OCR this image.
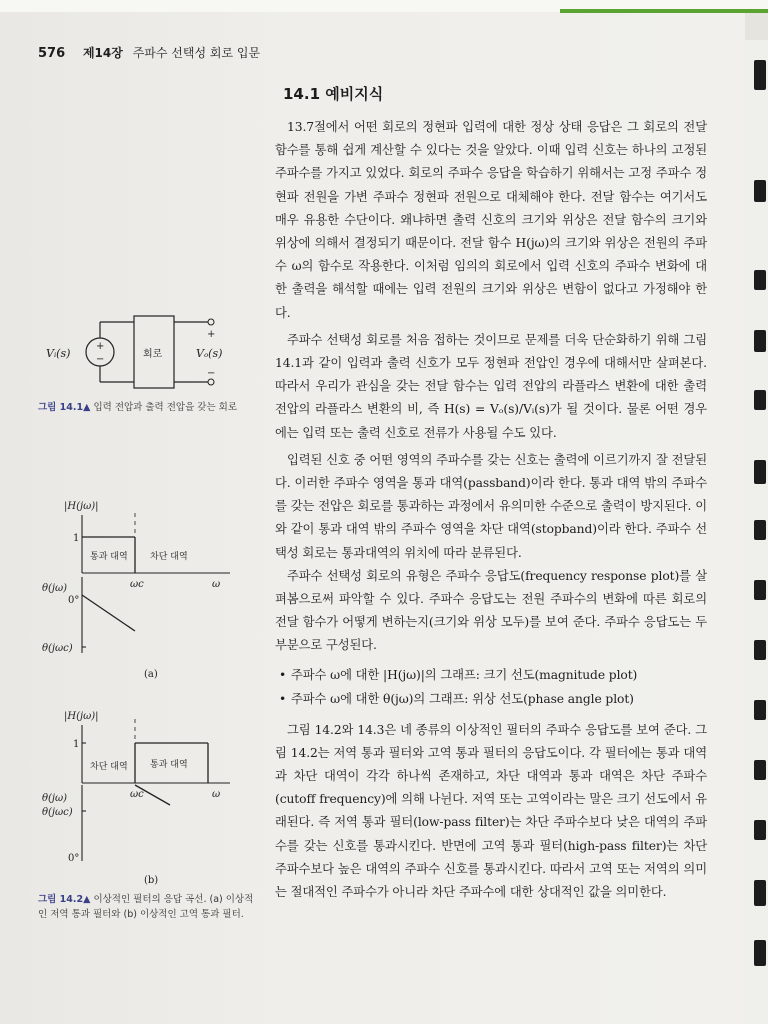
576 제14장 주파수 선택성 회로 입문
14.1 예비지식

13.7절에서 어떤 회로의 정현파 입력에 대한 정상 상태 응답은 그 회로의 전달 함수를 통해 쉽게 계산할 수 있다는 것을 알았다. 이때 입력 신호는 하나의 고정된 주파수를 가지고 있었다. 회로의 주파수 응답을 학습하기 위해서는 고정 주파수 정현파 전원을 가변 주파수 정현파 전원으로 대체해야 한다. 전달 함수는 여기서도 매우 유용한 수단이다. 왜냐하면 출력 신호의 크기와 위상은 전달 함수의 크기와 위상에 의해서 결정되기 때문이다. 전달 함수 H(jω)의 크기와 위상은 전원의 주파수 ω의 함수로 작용한다. 이처럼 임의의 회로에서 입력 신호의 주파수 변화에 대한 출력을 해석할 때에는 입력 전원의 크기와 위상은 변함이 없다고 가정해야 한다.

주파수 선택성 회로를 처음 접하는 것이므로 문제를 더욱 단순화하기 위해 그림 14.1과 같이 입력과 출력 신호가 모두 정현파 전압인 경우에 대해서만 살펴본다. 따라서 우리가 관심을 갖는 전달 함수는 입력 전압의 라플라스 변환에 대한 출력 전압의 라플라스 변환의 비, 즉 H(s) = Vₒ(s)/Vᵢ(s)가 될 것이다. 물론 어떤 경우에는 입력 또는 출력 신호로 전류가 사용될 수도 있다.

입력된 신호 중 어떤 영역의 주파수를 갖는 신호는 출력에 이르기까지 잘 전달된다. 이러한 주파수 영역을 통과 대역(passband)이라 한다. 통과 대역 밖의 주파수를 갖는 전압은 회로를 통과하는 과정에서 유의미한 수준으로 출력이 방지된다. 이와 같이 통과 대역 밖의 주파수 영역을 차단 대역(stopband)이라 한다. 주파수 선택성 회로는 통과대역의 위치에 따라 분류된다.

주파수 선택성 회로의 유형은 주파수 응답도(frequency response plot)를 살펴봄으로써 파악할 수 있다. 주파수 응답도는 전원 주파수의 변화에 따른 회로의 전달 함수가 어떻게 변하는지(크기와 위상 모두)를 보여 준다. 주파수 응답도는 두 부분으로 구성된다.

• 주파수 ω에 대한 |H(jω)|의 그래프: 크기 선도(magnitude plot)
• 주파수 ω에 대한 θ(jω)의 그래프: 위상 선도(phase angle plot)

그림 14.2와 14.3은 네 종류의 이상적인 필터의 주파수 응답도를 보여 준다. 그림 14.2는 저역 통과 필터와 고역 통과 필터의 응답도이다. 각 필터에는 통과 대역과 차단 대역이 각각 하나씩 존재하고, 차단 대역과 통과 대역은 차단 주파수(cutoff frequency)에 의해 나뉜다. 저역 또는 고역이라는 말은 크기 선도에서 유래된다. 즉 저역 통과 필터(low-pass filter)는 차단 주파수보다 낮은 대역의 주파수를 갖는 신호를 통과시킨다. 반면에 고역 통과 필터(high-pass filter)는 차단 주파수보다 높은 대역의 주파수 신호를 통과시킨다. 따라서 고역 또는 저역의 의미는 절대적인 주파수가 아니라 차단 주파수에 대한 상대적인 값을 의미한다.

+
−
Vᵢ(s)	회로
+
−
Vₒ(s)
그림 14.1▲ 입력 전압과 출력 전압을 갖는 회로
|H(jω)|
1
통과 대역 차단 대역
θ(jω)
0°
ωc	ω
θ(jωc)
(a)
|H(jω)|
1
차단 대역 통과 대역
θ(jω)
θ(jωc)
ωc	ω
0°
(b)
그림 14.2▲ 이상적인 필터의 응답 곡선. (a) 이상적
인 저역 통과 필터와 (b) 이상적인 고역 통과 필터.
